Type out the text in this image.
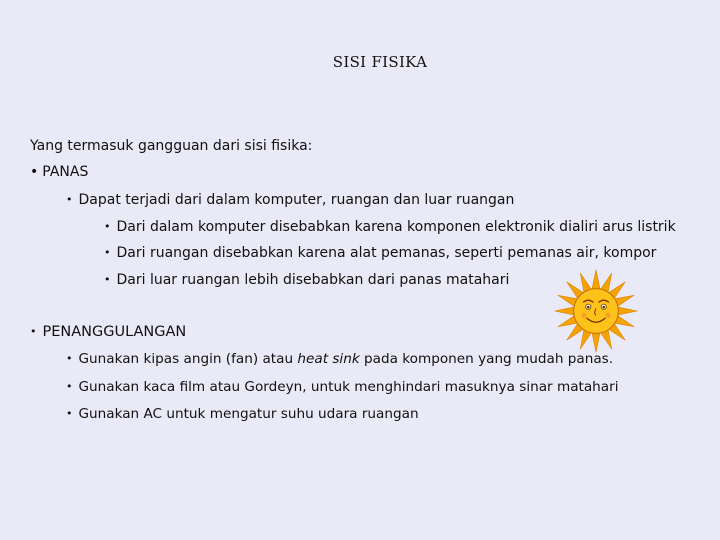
SISI FISIKA
Yang termasuk gangguan dari sisi fisika:
• PANAS
• Dapat terjadi dari dalam komputer, ruangan dan luar ruangan
• Dari dalam komputer disebabkan karena komponen elektronik dialiri arus listrik
• Dari ruangan disebabkan karena alat pemanas, seperti pemanas air, kompor
• Dari luar ruangan lebih disebabkan dari panas matahari
• PENANGGULANGAN
• Gunakan kipas angin (fan) atau heat sink pada komponen yang mudah panas.
• Gunakan kaca film atau Gordeyn, untuk menghindari masuknya sinar matahari
• Gunakan AC untuk mengatur suhu udara ruangan
